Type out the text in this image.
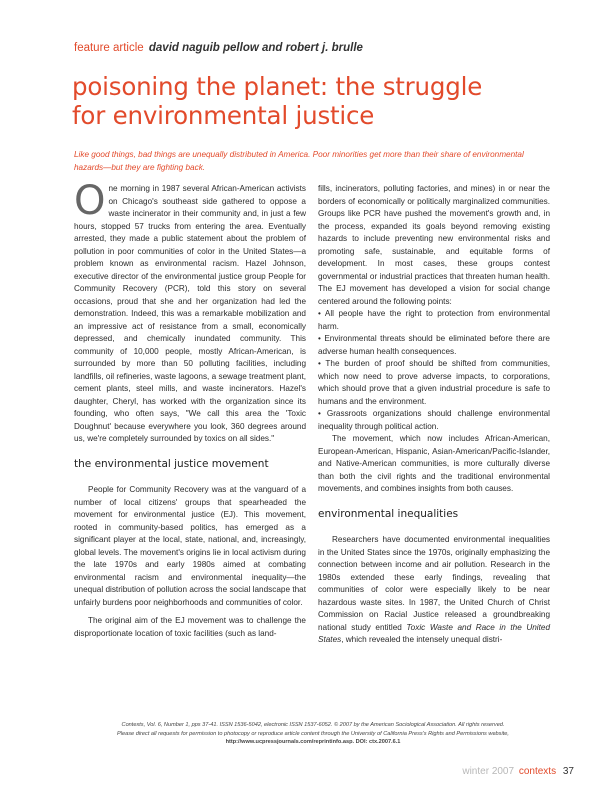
feature article david naguib pellow and robert j. brulle
poisoning the planet: the struggle
for environmental justice

Like good things, bad things are unequally distributed in America. Poor minorities get more than their share of environmental hazards—but they are fighting back.

One morning in 1987 several African-American activists on Chicago's southeast side gathered to oppose a waste incinerator in their community and, in just a few hours, stopped 57 trucks from entering the area. Eventually arrested, they made a public statement about the problem of pollution in poor communities of color in the United States—a problem known as environmental racism. Hazel Johnson, executive director of the environmental justice group People for Community Recovery (PCR), told this story on several occasions, proud that she and her organization had led the demonstration. Indeed, this was a remarkable mobilization and an impressive act of resistance from a small, economically depressed, and chemically inundated community. This community of 10,000 people, mostly African-American, is surrounded by more than 50 polluting facilities, including landfills, oil refineries, waste lagoons, a sewage treatment plant, cement plants, steel mills, and waste incinerators. Hazel's daughter, Cheryl, has worked with the organization since its founding, who often says, "We call this area the 'Toxic Doughnut' because everywhere you look, 360 degrees around us, we're completely surrounded by toxics on all sides."

the environmental justice movement

People for Community Recovery was at the vanguard of a number of local citizens' groups that spearheaded the movement for environmental justice (EJ). This movement, rooted in community-based politics, has emerged as a significant player at the local, state, national, and, increasingly, global levels. The movement's origins lie in local activism during the late 1970s and early 1980s aimed at combating environmental racism and environmental inequality—the unequal distribution of pollution across the social landscape that unfairly burdens poor neighborhoods and communities of color.

The original aim of the EJ movement was to challenge the disproportionate location of toxic facilities (such as land-

fills, incinerators, polluting factories, and mines) in or near the borders of economically or politically marginalized communities. Groups like PCR have pushed the movement's growth and, in the process, expanded its goals beyond removing existing hazards to include preventing new environmental risks and promoting safe, sustainable, and equitable forms of development. In most cases, these groups contest governmental or industrial practices that threaten human health. The EJ movement has developed a vision for social change centered around the following points:

• All people have the right to protection from environmental harm.
• Environmental threats should be eliminated before there are adverse human health consequences.
• The burden of proof should be shifted from communities, which now need to prove adverse impacts, to corporations, which should prove that a given industrial procedure is safe to humans and the environment.
• Grassroots organizations should challenge environmental inequality through political action.

The movement, which now includes African-American, European-American, Hispanic, Asian-American/Pacific-Islander, and Native-American communities, is more culturally diverse than both the civil rights and the traditional environmental movements, and combines insights from both causes.

environmental inequalities

Researchers have documented environmental inequalities in the United States since the 1970s, originally emphasizing the connection between income and air pollution. Research in the 1980s extended these early findings, revealing that communities of color were especially likely to be near hazardous waste sites. In 1987, the United Church of Christ Commission on Racial Justice released a groundbreaking national study entitled Toxic Waste and Race in the United States, which revealed the intensely unequal distri-

Contexts, Vol. 6, Number 1, pps 37-41. ISSN 1536-5042, electronic ISSN 1537-6052. © 2007 by the American Sociological Association. All rights reserved.
Please direct all requests for permission to photocopy or reproduce article content through the University of California Press's Rights and Permissions website,
http://www.ucpressjournals.com/reprintinfo.asp. DOI: ctx.2007.6.1
winter 2007 contexts 37
